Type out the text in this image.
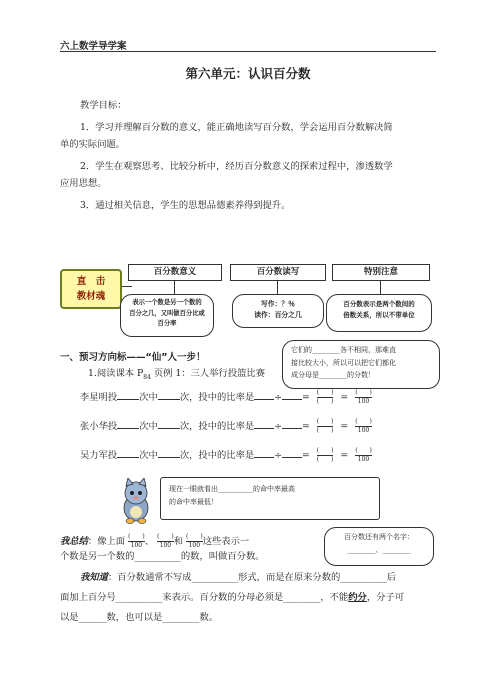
六上数学导学案
第六单元：认识百分数
教学目标：
1．学习并理解百分数的意义，能正确地读写百分数，学会运用百分数解决简
单的实际问题。
2．学生在观察思考、比较分析中，经历百分数意义的探索过程中，渗透数学
应用思想。
3．通过相关信息，学生的思想品德素养得到提升。
直　击
教材魂
百分数意义	百分数读写	特别注意
表示一个数是另一个数的
百分之几，又叫做百分比或
百分率
写作：？％
读作：百分之几
百分数表示是两个数间的
倍数关系，所以不带单位
一、预习方向标——“仙”人一步！
1.阅读课本 $P_{84}$ 页例 1：三人举行投篮比赛
它们的________各不相同，那难直
接比较大小，所以可以把它们都化
成分母是________的分数！
李星明投 次中 次，投中的比率是 ÷ = $\frac{( )}{( )} = \frac{( )}{100}$
张小华投 次中 次，投中的比率是 ÷ = $\frac{( )}{( )} = \frac{( )}{100}$
吴力军投 次中 次，投中的比率是 ÷ = $\frac{( )}{( )} = \frac{( )}{100}$
现在一眼就看出__________的命中率最高
的命中率最低！
我总结：像上面 $\frac{( )}{100}$、 $\frac{( )}{100}$和 $\frac{( )}{100}$这些表示一
个数是另一个数的__________的数，叫做百分数。
百分数还有两个名字：
________、________
我知道：百分数通常不写成__________形式，而是在原来分数的__________后
面加上百分号__________来表示。百分数的分母必须是________，不能约分，分子可
以是______数，也可以是________数。
